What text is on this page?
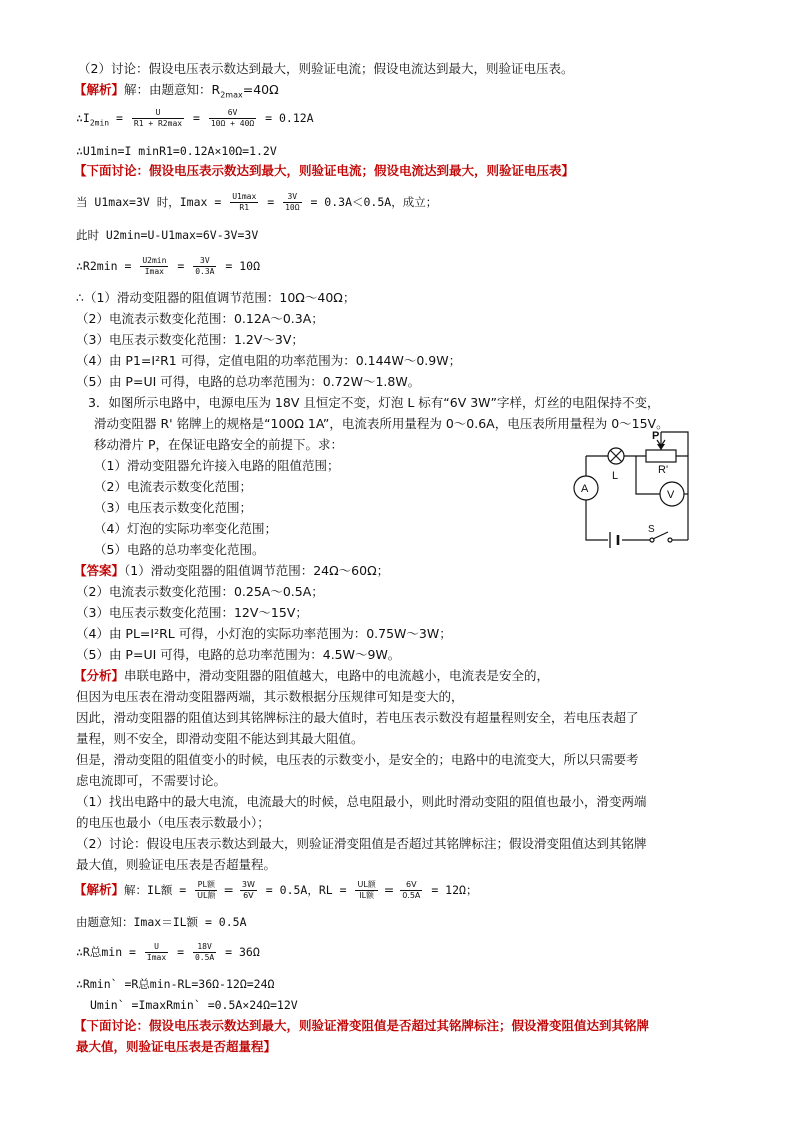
（2）讨论：假设电压表示数达到最大，则验证电流；假设电流达到最大，则验证电压表。
【解析】解：由题意知：$R_{2max}=40\Omega$
$\therefore I_{2min} = \frac{U}{R1 + R2\max} = \frac{6V}{10\Omega + 40\Omega} = 0.12A$
∴U1min=I minR1=0.12A×10Ω=1.2V
【下面讨论：假设电压表示数达到最大，则验证电流；假设电流达到最大，则验证电压表】
当 U1max=3V 时，$Imax = \frac{U1\max}{R1} = \frac{3V}{10\Omega} = 0.3A<0.5A$，成立；
此时 U2min=U-U1max=6V-3V=3V
∴R2min = $\frac{U2\min}{Imax} = \frac{3V}{0.3A} = 10\Omega$
∴（1）滑动变阻器的阻值调节范围：10Ω～40Ω；
（2）电流表示数变化范围：0.12A～0.3A；
（3）电压表示数变化范围：1.2V～3V；
（4）由 P1=I²R1 可得，定值电阻的功率范围为：0.144W～0.9W；
（5）由 P=UI 可得，电路的总功率范围为：0.72W～1.8W。
3．如图所示电路中，电源电压为 18V 且恒定不变，灯泡 L 标有“6V 3W”字样，灯丝的电阻保持不变，
滑动变阻器 R' 铭牌上的规格是“100Ω 1A”，电流表所用量程为 0～0.6A，电压表所用量程为 0～15V。
移动滑片 P，在保证电路安全的前提下。求：
（1）滑动变阻器允许接入电路的阻值范围；
（2）电流表示数变化范围；
（3）电压表示数变化范围；
（4）灯泡的实际功率变化范围；
（5）电路的总功率变化范围。
P
R'
L
A	V
S
【答案】（1）滑动变阻器的阻值调节范围：24Ω～60Ω；
（2）电流表示数变化范围：0.25A～0.5A；
（3）电压表示数变化范围：12V～15V；
（4）由 PL=I²RL 可得，小灯泡的实际功率范围为：0.75W～3W；
（5）由 P=UI 可得，电路的总功率范围为：4.5W～9W。
【分析】串联电路中，滑动变阻器的阻值越大，电路中的电流越小，电流表是安全的，
但因为电压表在滑动变阻器两端，其示数根据分压规律可知是变大的，
因此，滑动变阻器的阻值达到其铭牌标注的最大值时，若电压表示数没有超量程则安全，若电压表超了
量程，则不安全，即滑动变阻不能达到其最大阻值。
但是，滑动变阻的阻值变小的时候，电压表的示数变小，是安全的；电路中的电流变大，所以只需要考
虑电流即可，不需要讨论。
（1）找出电路中的最大电流，电流最大的时候，总电阻最小，则此时滑动变阻的阻值也最小，滑变两端
的电压也最小（电压表示数最小）；
（2）讨论：假设电压表示数达到最大，则验证滑变阻值是否超过其铭牌标注；假设滑变阻值达到其铭牌
最大值，则验证电压表是否超量程。
【解析】解：IL额 = $\frac{\text{PL额}}{\text{UL额}} = \frac{3W}{6V} = 0.5A$，RL = $\frac{\text{UL额}}{\text{IL额}} = \frac{6V}{0.5A} = 12\Omega$；
由题意知：Imax＝IL额 = 0.5A
∴R总$\min = \frac{U}{Imax} = \frac{18V}{0.5A} = 36\Omega$
∴Rmin` =R总min-RL=36Ω-12Ω=24Ω
Umin` =ImaxRmin` =0.5A×24Ω=12V
【下面讨论：假设电压表示数达到最大，则验证滑变阻值是否超过其铭牌标注；假设滑变阻值达到其铭牌
最大值，则验证电压表是否超量程】
